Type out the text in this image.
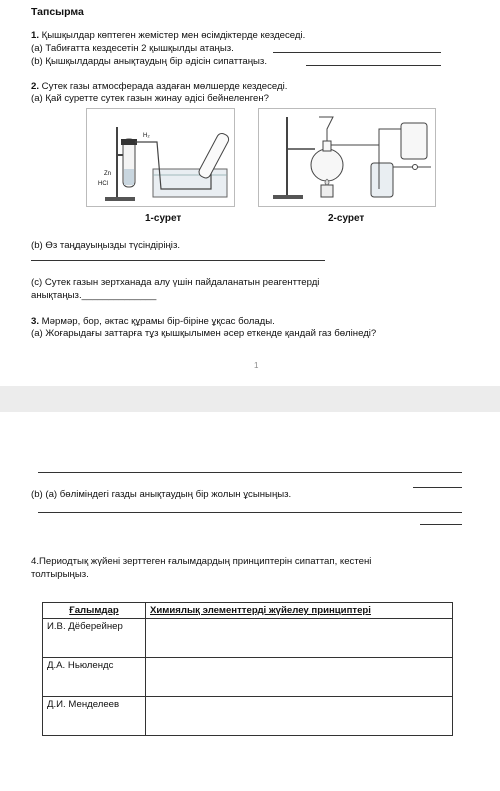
Тапсырма
1. Қышқылдар көптеген жемістер мен өсімдіктерде кездеседі.
(a) Табиғатта кездесетін 2 қышқылды атаңыз.
(b) Қышқылдарды анықтаудың бір әдісін сипаттаңыз.
2. Сутек газы атмосферада аздаған мөлшерде кездеседі.
(a) Қай суретте сутек газын жинау әдісі бейнеленген?
H₂
Zn
HCl
1-сурет	2-сурет
(b) Өз таңдауыңызды түсіндіріңіз.
(c) Сутек газын зертханада алу үшін пайдаланатын реагенттерді
анықтаңыз.______________
3. Мәрмәр, бор, әктас құрамы бір-біріне ұқсас болады.
(a) Жоғарыдағы заттарға тұз қышқылымен әсер еткенде қандай газ бөлінеді?
1
(b) (a) бөліміндегі газды анықтаудың бір жолын ұсыныңыз.
4.Периодтық жүйені зерттеген ғалымдардың принциптерін сипаттап, кестені
толтырыңыз.
Ғалымдар	Химиялық элементтерді жүйелеу принциптері
И.В. Дёберейнер	
Д.А. Ньюлендс	
Д.И. Менделеев	
